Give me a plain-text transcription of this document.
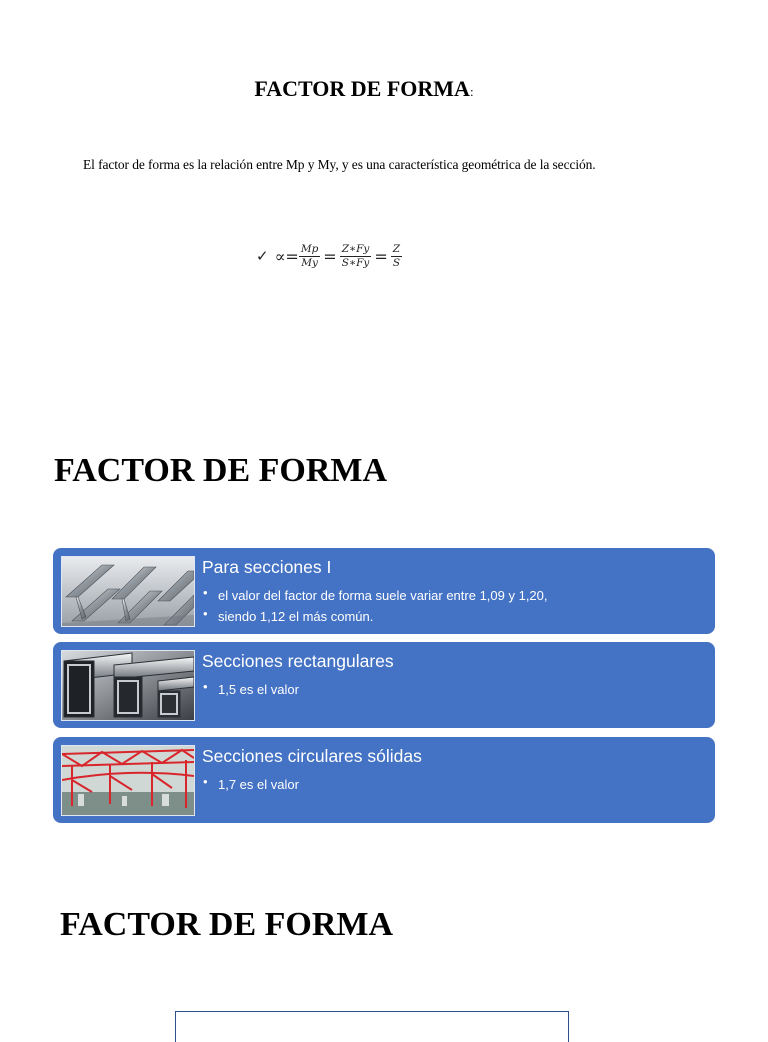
FACTOR DE FORMA:
El factor de forma es la relación entre Mp y My, y es una característica geométrica de la sección.
✓ ∝= $\frac{Mp}{My} = \frac{Z∗Fy}{S∗Fy} = \frac{Z}{S}$
FACTOR DE FORMA
Para secciones I
• el valor del factor de forma suele variar entre 1,09 y 1,20,
• siendo 1,12 el más común.
Secciones rectangulares
• 1,5 es el valor
Secciones circulares sólidas
• 1,7 es el valor
FACTOR DE FORMA
